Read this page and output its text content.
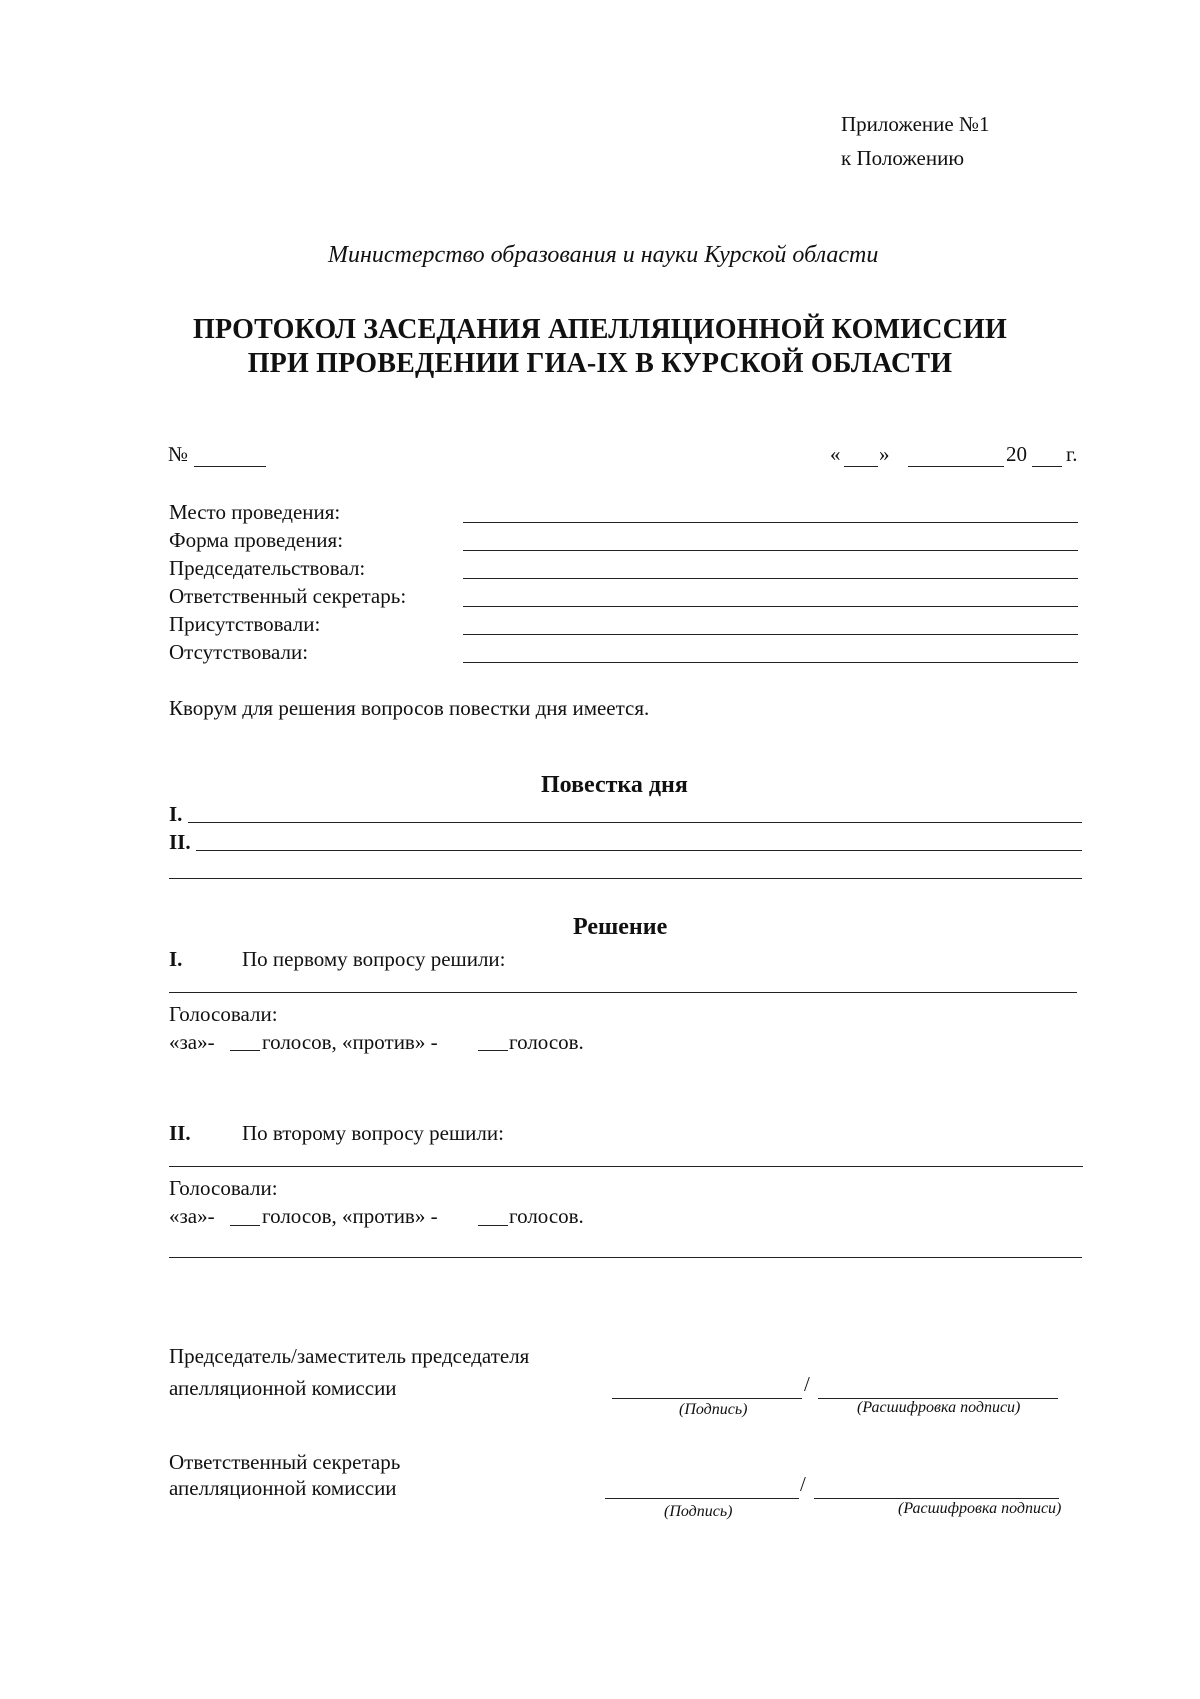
Приложение №1
к Положению
Министерство образования и науки Курской области
ПРОТОКОЛ ЗАСЕДАНИЯ АПЕЛЛЯЦИОННОЙ КОМИССИИ
ПРИ ПРОВЕДЕНИИ ГИА-IX В КУРСКОЙ ОБЛАСТИ
№	« »	20 г.
Место проведения:
Форма проведения:
Председательствовал:
Ответственный секретарь:
Присутствовали:
Отсутствовали:
Кворум для решения вопросов повестки дня имеется.
Повестка дня
I.
II.
Решение
I.	По первому вопросу решили:
Голосовали:
«за»- голосов, «против» -	голосов.
II. По второму вопросу решили:
Голосовали:
«за»- голосов, «против» -	голосов.
Председатель/заместитель председателя
апелляционной комиссии	/
(Подпись)	(Расшифровка подписи)
Ответственный секретарь
апелляционной комиссии	/
(Подпись)	(Расшифровка подписи)
